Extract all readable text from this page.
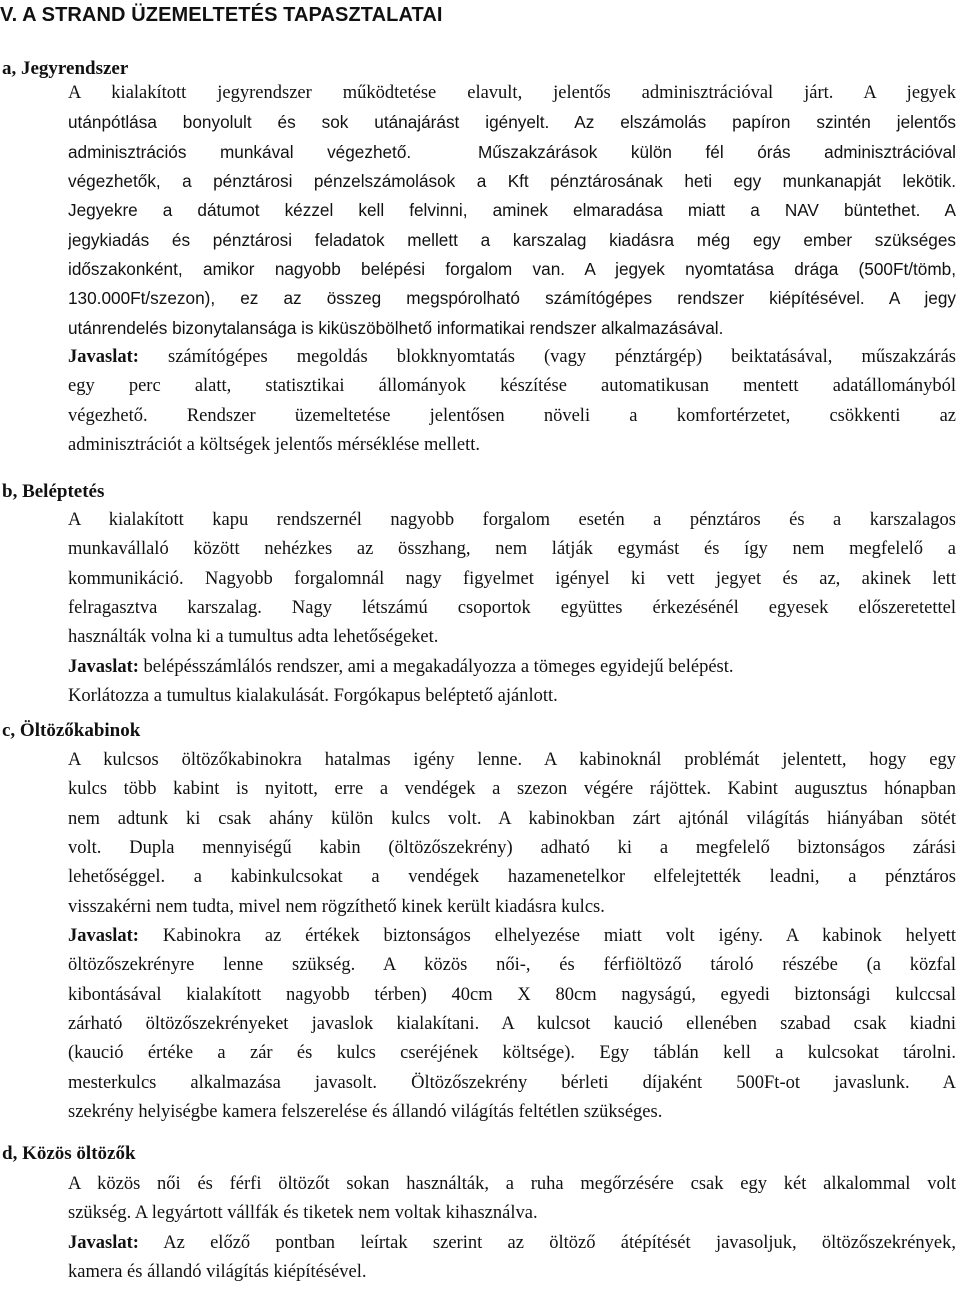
V. A STRAND ÜZEMELTETÉS TAPASZTALATAI
a, Jegyrendszer
A kialakított jegyrendszer működtetése elavult, jelentős adminisztrációval járt. A jegyek
utánpótlása bonyolult és sok utánajárást igényelt. Az elszámolás papíron szintén jelentős
adminisztrációs munkával végezhető.	Műszakzárások külön fél órás adminisztrációval
végezhetők, a pénztárosi pénzelszámolások a Kft pénztárosának heti egy munkanapját lekötik.
Jegyekre a dátumot kézzel kell felvinni, aminek elmaradása miatt a NAV büntethet. A
jegykiadás és pénztárosi feladatok mellett a karszalag kiadásra még egy ember szükséges
időszakonként, amikor nagyobb belépési forgalom van. A jegyek nyomtatása drága (500Ft/tömb,
130.000Ft/szezon), ez az összeg megspórolható számítógépes rendszer kiépítésével. A jegy
utánrendelés bizonytalansága is kiküszöbölhető informatikai rendszer alkalmazásával.
Javaslat: számítógépes megoldás blokknyomtatás (vagy pénztárgép) beiktatásával, műszakzárás
egy perc alatt, statisztikai állományok készítése automatikusan mentett adatállományból
végezhető. Rendszer üzemeltetése jelentősen növeli a komfortérzetet, csökkenti az
adminisztrációt a költségek jelentős mérséklése mellett.
b, Beléptetés
A kialakított kapu rendszernél nagyobb forgalom esetén a pénztáros és a karszalagos
munkavállaló között nehézkes az összhang, nem látják egymást és így nem megfelelő a
kommunikáció. Nagyobb forgalomnál nagy figyelmet igényel ki vett jegyet és az, akinek lett
felragasztva karszalag. Nagy létszámú csoportok együttes érkezésénél egyesek előszeretettel
használták volna ki a tumultus adta lehetőségeket.
Javaslat: belépésszámlálós rendszer, ami a megakadályozza a tömeges egyidejű belépést.
Korlátozza a tumultus kialakulását. Forgókapus beléptető ajánlott.
c, Öltözőkabinok
A kulcsos öltözőkabinokra hatalmas igény lenne. A kabinoknál problémát jelentett, hogy egy
kulcs több kabint is nyitott, erre a vendégek a szezon végére rájöttek. Kabint augusztus hónapban
nem adtunk ki csak ahány külön kulcs volt. A kabinokban zárt ajtónál világítás hiányában sötét
volt. Dupla mennyiségű kabin (öltözőszekrény) adható ki a megfelelő biztonságos zárási
lehetőséggel. a kabinkulcsokat a vendégek hazamenetelkor elfelejtették leadni, a pénztáros
visszakérni nem tudta, mivel nem rögzíthető kinek került kiadásra kulcs.
Javaslat: Kabinokra az értékek biztonságos elhelyezése miatt volt igény. A kabinok helyett
öltözőszekrényre lenne szükség. A közös női-, és férfiöltöző tároló részébe (a közfal
kibontásával kialakított nagyobb térben) 40cm X 80cm nagyságú, egyedi biztonsági kulccsal
zárható öltözőszekrényeket javaslok kialakítani. A kulcsot kaució ellenében szabad csak kiadni
(kaució értéke a zár és kulcs cseréjének költsége). Egy táblán kell a kulcsokat tárolni.
mesterkulcs alkalmazása javasolt. Öltözőszekrény bérleti díjaként 500Ft-ot javaslunk. A
szekrény helyiségbe kamera felszerelése és állandó világítás feltétlen szükséges.
d, Közös öltözők
A közös női és férfi öltözőt sokan használták, a ruha megőrzésére csak egy két alkalommal volt
szükség. A legyártott vállfák és tiketek nem voltak kihasználva.
Javaslat: Az előző pontban leírtak szerint az öltöző átépítését javasoljuk, öltözőszekrények,
kamera és állandó világítás kiépítésével.
